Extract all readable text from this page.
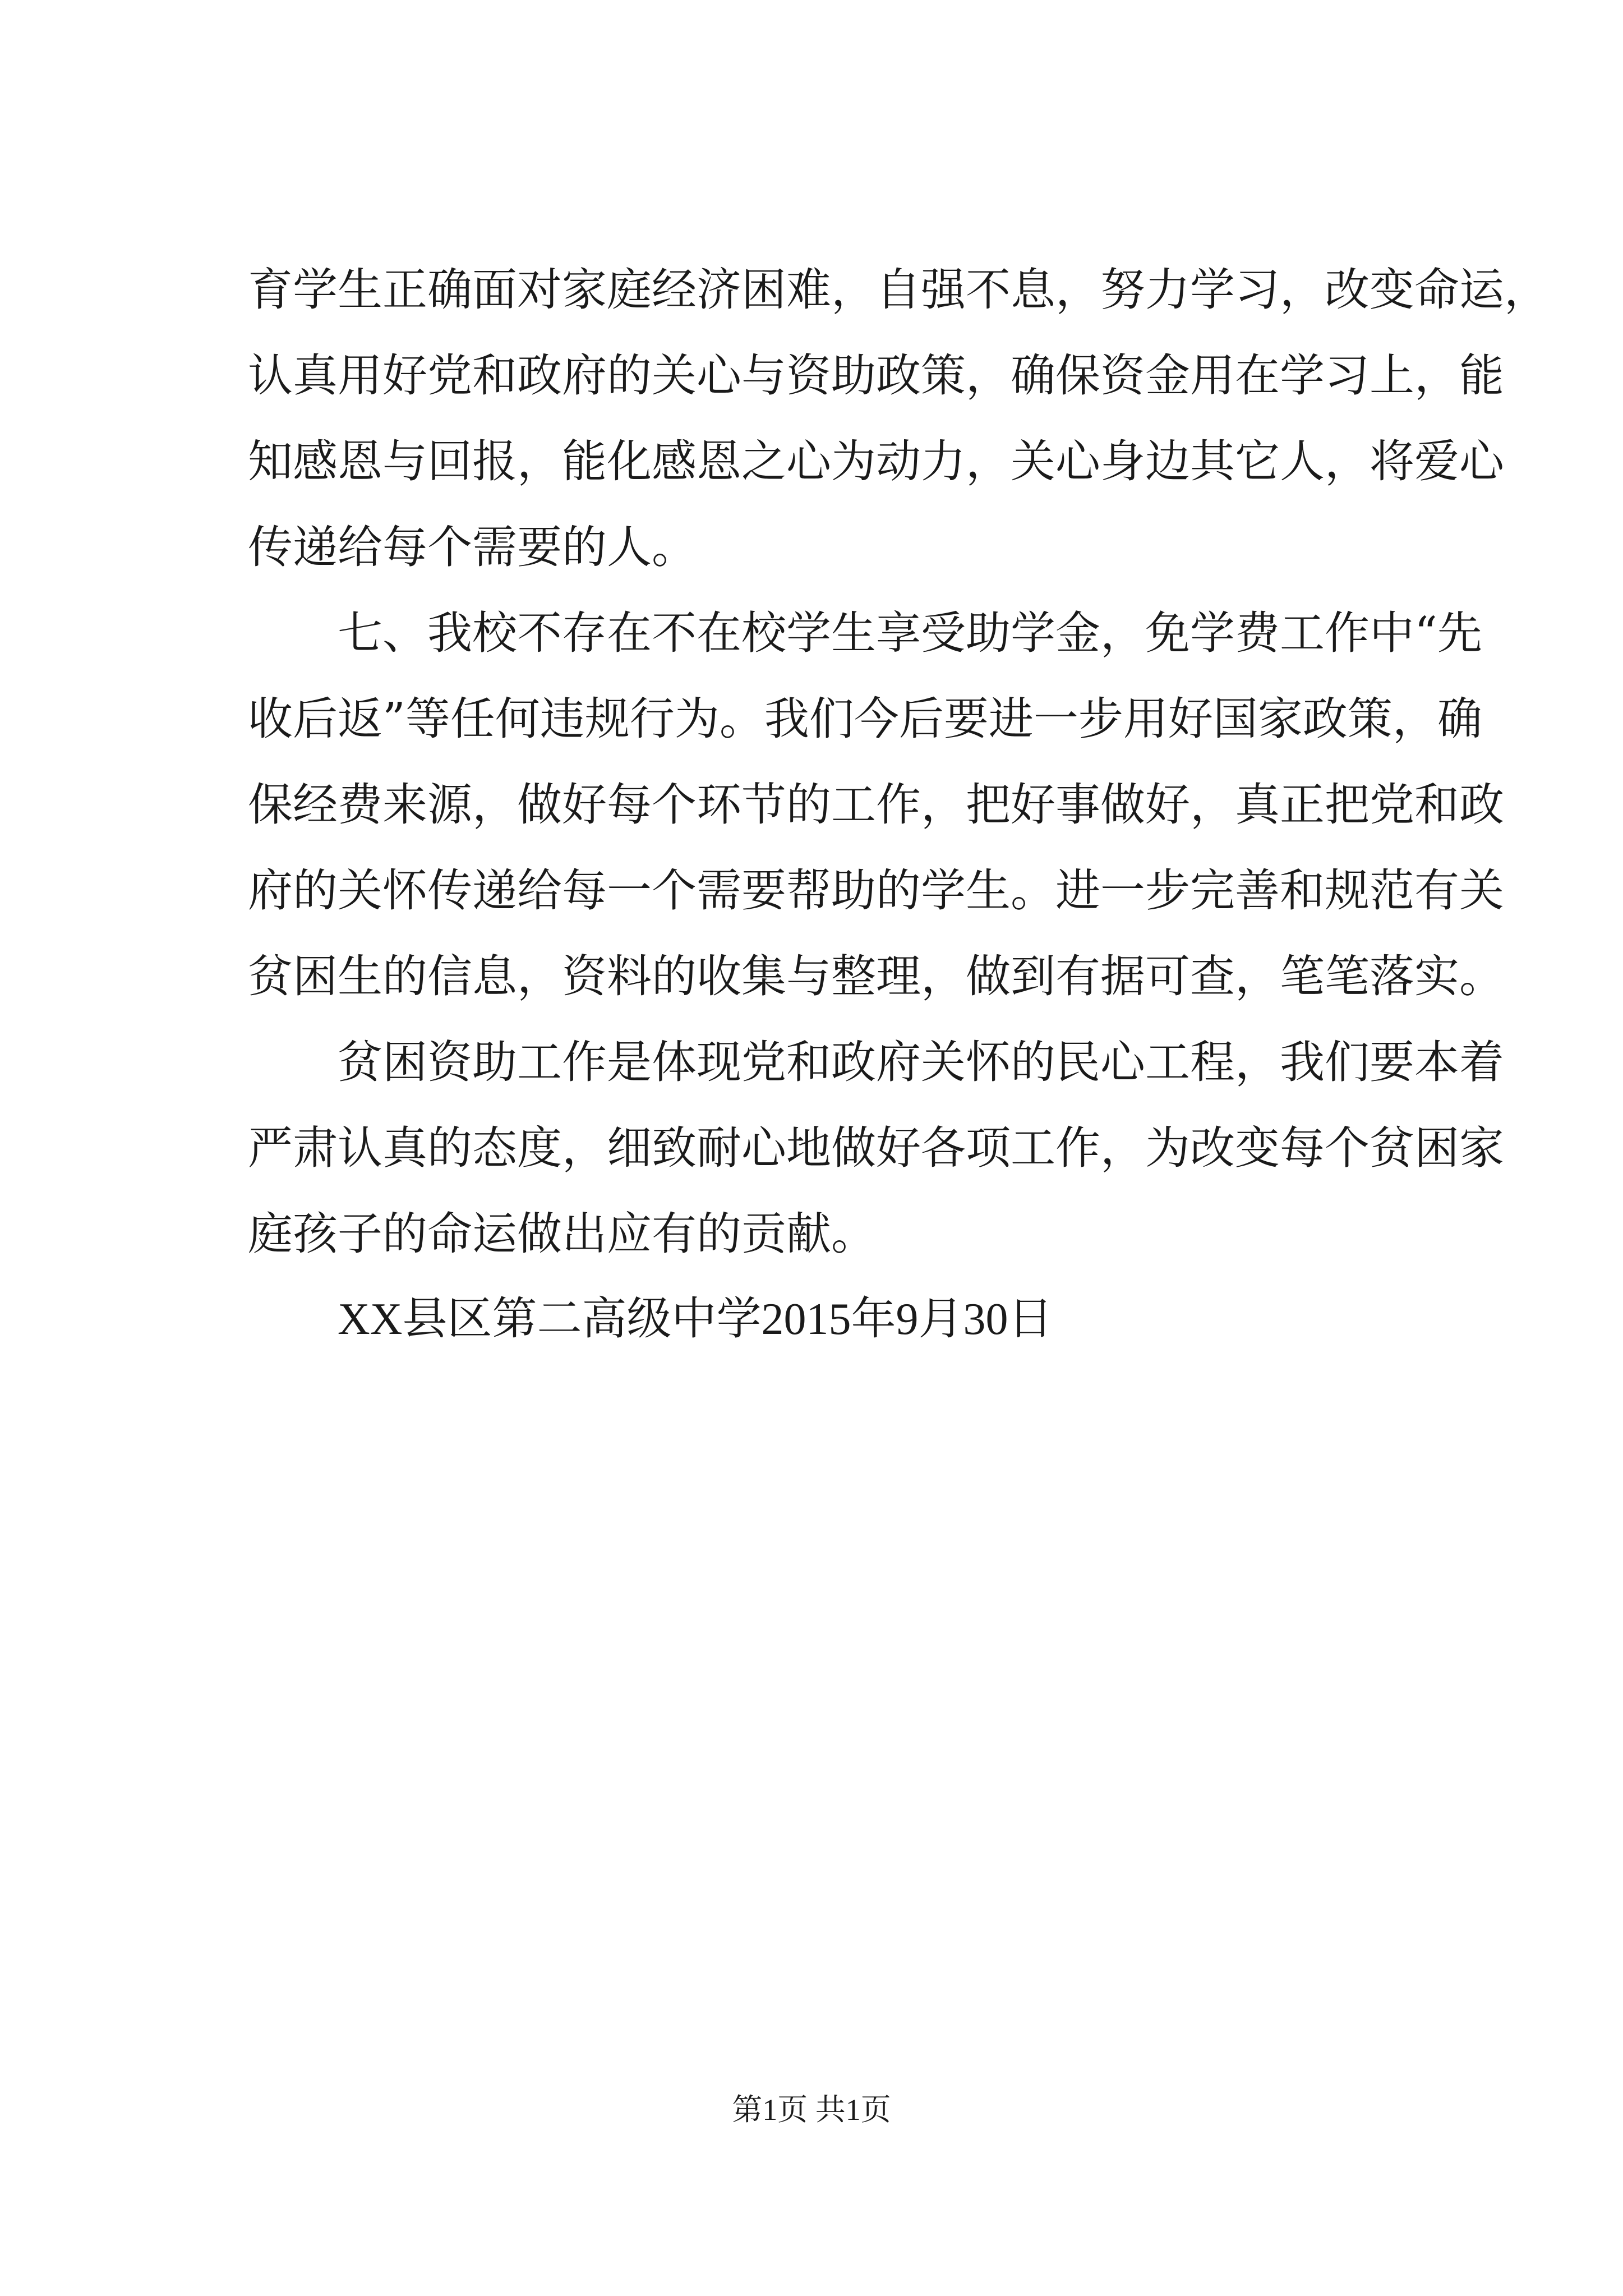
育学生正确面对家庭经济困难，自强不息，努力学习，改变命运，
认真用好党和政府的关心与资助政策，确保资金用在学习上，能
知感恩与回报，能化感恩之心为动力，关心身边其它人，将爱心
传递给每个需要的人。
七、我校不存在不在校学生享受助学金，免学费工作中“先
收后返”等任何违规行为。我们今后要进一步用好国家政策，确
保经费来源，做好每个环节的工作，把好事做好，真正把党和政
府的关怀传递给每一个需要帮助的学生。进一步完善和规范有关
贫困生的信息，资料的收集与整理，做到有据可查，笔笔落实。
贫困资助工作是体现党和政府关怀的民心工程，我们要本着
严肃认真的态度，细致耐心地做好各项工作，为改变每个贫困家
庭孩子的命运做出应有的贡献。
XX县区第二高级中学2015年9月30日
第1页 共1页
